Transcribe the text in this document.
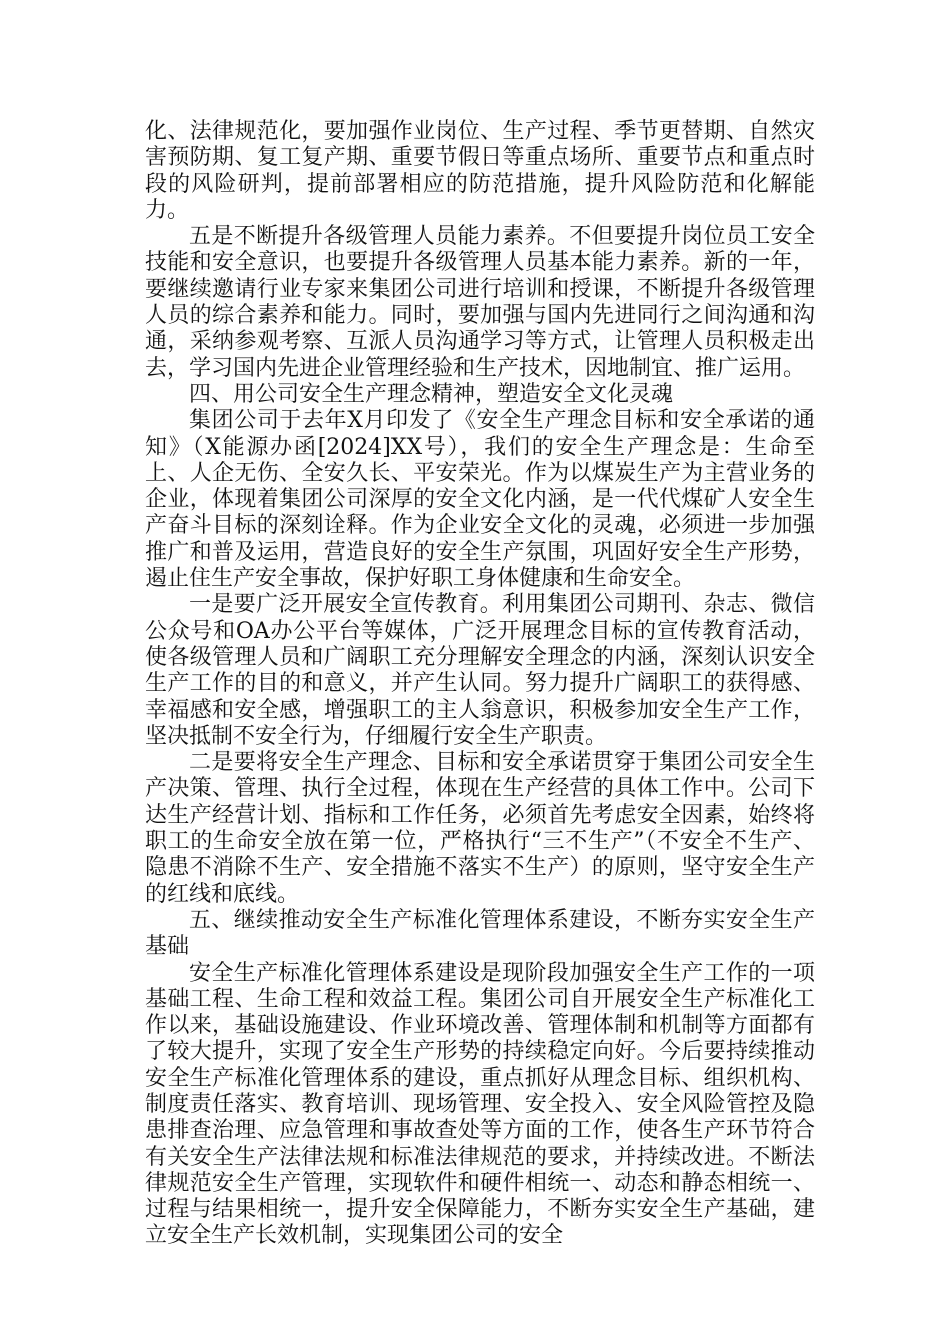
化、法律规范化，要加强作业岗位、生产过程、季节更替期、自然灾害预防期、复工复产期、重要节假日等重点场所、重要节点和重点时段的风险研判，提前部署相应的防范措施，提升风险防范和化解能力。

五是不断提升各级管理人员能力素养。不但要提升岗位员工安全技能和安全意识，也要提升各级管理人员基本能力素养。新的一年，要继续邀请行业专家来集团公司进行培训和授课，不断提升各级管理人员的综合素养和能力。同时，要加强与国内先进同行之间沟通和沟通，采纳参观考察、互派人员沟通学习等方式，让管理人员积极走出去，学习国内先进企业管理经验和生产技术，因地制宜、推广运用。

四、用公司安全生产理念精神，塑造安全文化灵魂

集团公司于去年X月印发了《安全生产理念目标和安全承诺的通知》（X能源办函[2024]XX号），我们的安全生产理念是：生命至上、人企无伤、全安久长、平安荣光。作为以煤炭生产为主营业务的企业，体现着集团公司深厚的安全文化内涵，是一代代煤矿人安全生产奋斗目标的深刻诠释。作为企业安全文化的灵魂，必须进一步加强推广和普及运用，营造良好的安全生产氛围，巩固好安全生产形势，遏止住生产安全事故，保护好职工身体健康和生命安全。

一是要广泛开展安全宣传教育。利用集团公司期刊、杂志、微信公众号和OA办公平台等媒体，广泛开展理念目标的宣传教育活动，使各级管理人员和广阔职工充分理解安全理念的内涵，深刻认识安全生产工作的目的和意义，并产生认同。努力提升广阔职工的获得感、幸福感和安全感，增强职工的主人翁意识，积极参加安全生产工作，坚决抵制不安全行为，仔细履行安全生产职责。

二是要将安全生产理念、目标和安全承诺贯穿于集团公司安全生产决策、管理、执行全过程，体现在生产经营的具体工作中。公司下达生产经营计划、指标和工作任务，必须首先考虑安全因素，始终将职工的生命安全放在第一位，严格执行“三不生产”（不安全不生产、隐患不消除不生产、安全措施不落实不生产）的原则，坚守安全生产的红线和底线。

五、继续推动安全生产标准化管理体系建设，不断夯实安全生产基础

安全生产标准化管理体系建设是现阶段加强安全生产工作的一项基础工程、生命工程和效益工程。集团公司自开展安全生产标准化工作以来，基础设施建设、作业环境改善、管理体制和机制等方面都有了较大提升，实现了安全生产形势的持续稳定向好。今后要持续推动安全生产标准化管理体系的建设，重点抓好从理念目标、组织机构、制度责任落实、教育培训、现场管理、安全投入、安全风险管控及隐患排查治理、应急管理和事故查处等方面的工作，使各生产环节符合有关安全生产法律法规和标准法律规范的要求，并持续改进。不断法律规范安全生产管理，实现软件和硬件相统一、动态和静态相统一、过程与结果相统一，提升安全保障能力，不断夯实安全生产基础，建立安全生产长效机制，实现集团公司的安全
